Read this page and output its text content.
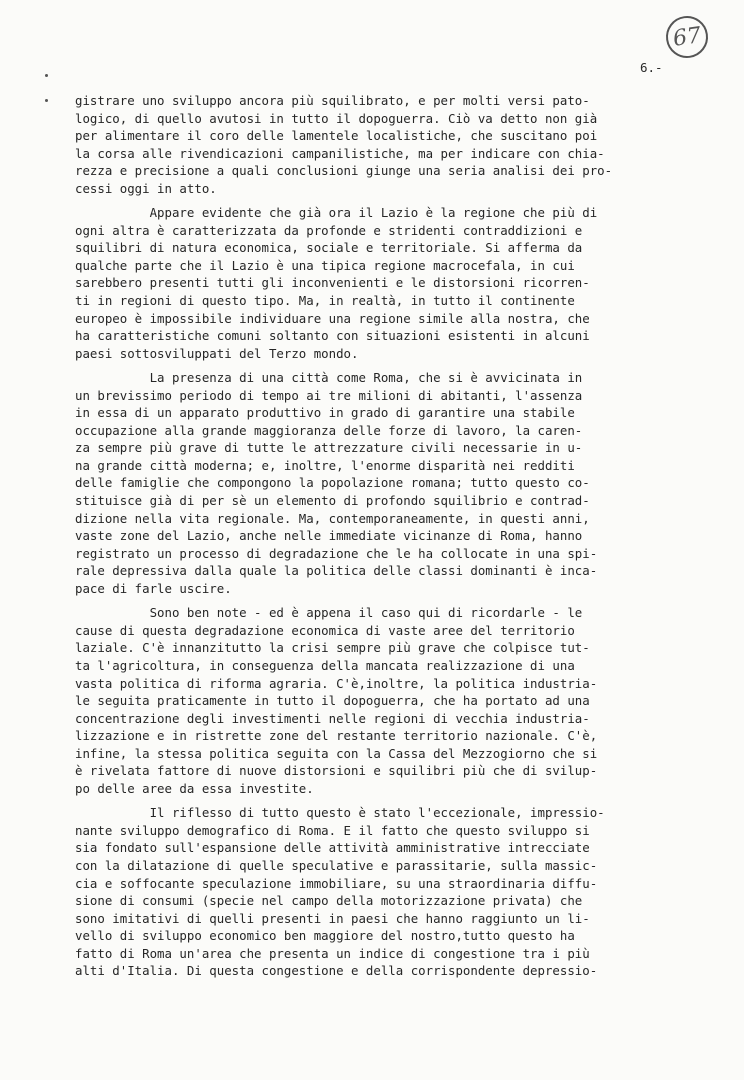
67
6.-
gistrare uno sviluppo ancora più squilibrato, e per molti versi pato-
logico, di quello avutosi in tutto il dopoguerra. Ciò va detto non già
per alimentare il coro delle lamentele localistiche, che suscitano poi
la corsa alle rivendicazioni campanilistiche, ma per indicare con chia-
rezza e precisione a quali conclusioni giunge una seria analisi dei pro-
cessi oggi in atto.
Appare evidente che già ora il Lazio è la regione che più di
ogni altra è caratterizzata da profonde e stridenti contraddizioni e
squilibri di natura economica, sociale e territoriale. Si afferma da
qualche parte che il Lazio è una tipica regione macrocefala, in cui
sarebbero presenti tutti gli inconvenienti e le distorsioni ricorren-
ti in regioni di questo tipo. Ma, in realtà, in tutto il continente
europeo è impossibile individuare una regione simile alla nostra, che
ha caratteristiche comuni soltanto con situazioni esistenti in alcuni
paesi sottosviluppati del Terzo mondo.
La presenza di una città come Roma, che si è avvicinata in
un brevissimo periodo di tempo ai tre milioni di abitanti, l'assenza
in essa di un apparato produttivo in grado di garantire una stabile
occupazione alla grande maggioranza delle forze di lavoro, la caren-
za sempre più grave di tutte le attrezzature civili necessarie in u-
na grande città moderna; e, inoltre, l'enorme disparità nei redditi
delle famiglie che compongono la popolazione romana; tutto questo co-
stituisce già di per sè un elemento di profondo squilibrio e contrad-
dizione nella vita regionale. Ma, contemporaneamente, in questi anni,
vaste zone del Lazio, anche nelle immediate vicinanze di Roma, hanno
registrato un processo di degradazione che le ha collocate in una spi-
rale depressiva dalla quale la politica delle classi dominanti è inca-
pace di farle uscire.
Sono ben note - ed è appena il caso qui di ricordarle - le
cause di questa degradazione economica di vaste aree del territorio
laziale. C'è innanzitutto la crisi sempre più grave che colpisce tut-
ta l'agricoltura, in conseguenza della mancata realizzazione di una
vasta politica di riforma agraria. C'è,inoltre, la politica industria-
le seguita praticamente in tutto il dopoguerra, che ha portato ad una
concentrazione degli investimenti nelle regioni di vecchia industria-
lizzazione e in ristrette zone del restante territorio nazionale. C'è,
infine, la stessa politica seguita con la Cassa del Mezzogiorno che si
è rivelata fattore di nuove distorsioni e squilibri più che di svilup-
po delle aree da essa investite.
Il riflesso di tutto questo è stato l'eccezionale, impressio-
nante sviluppo demografico di Roma. E il fatto che questo sviluppo si
sia fondato sull'espansione delle attività amministrative intrecciate
con la dilatazione di quelle speculative e parassitarie, sulla massic-
cia e soffocante speculazione immobiliare, su una straordinaria diffu-
sione di consumi (specie nel campo della motorizzazione privata) che
sono imitativi di quelli presenti in paesi che hanno raggiunto un li-
vello di sviluppo economico ben maggiore del nostro,tutto questo ha
fatto di Roma un'area che presenta un indice di congestione tra i più
alti d'Italia. Di questa congestione e della corrispondente depressio-
